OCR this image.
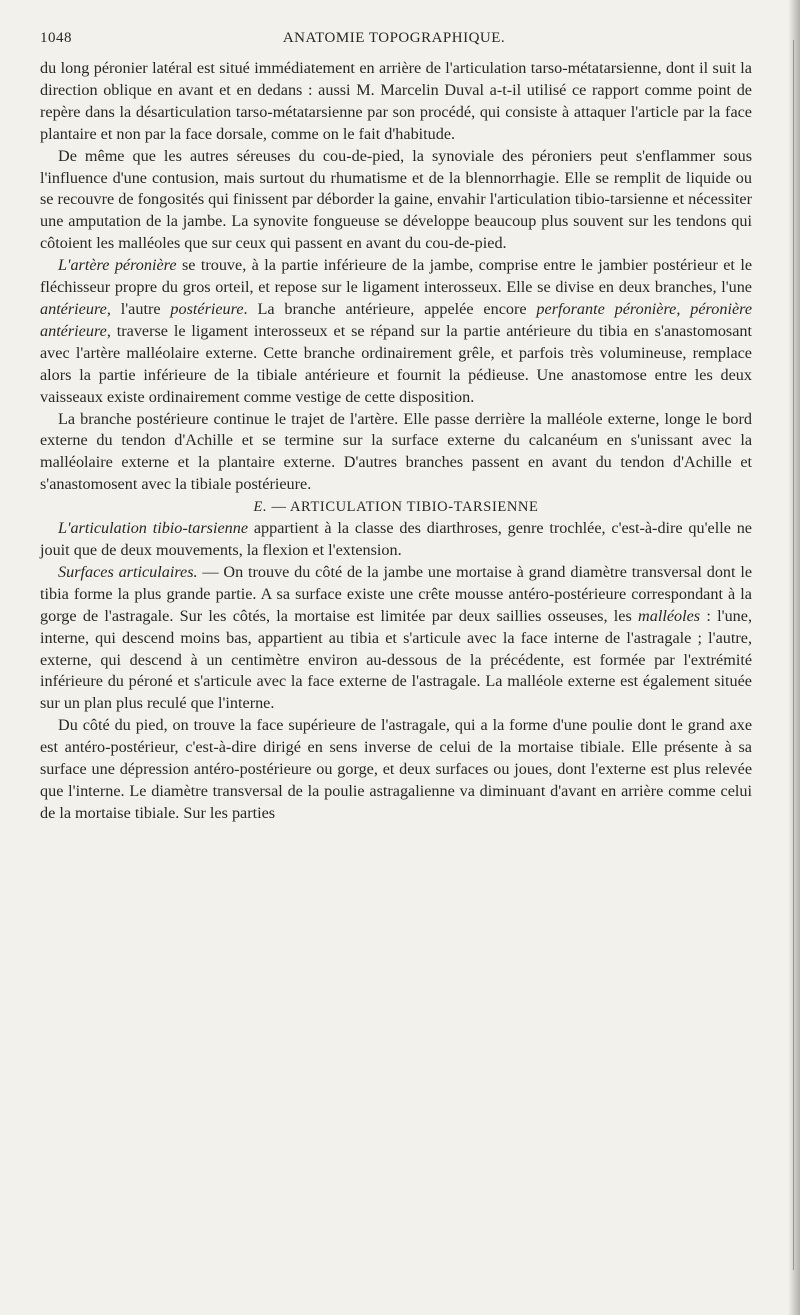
1048	ANATOMIE TOPOGRAPHIQUE.

du long péronier latéral est situé immédiatement en arrière de l'articulation tarso-métatarsienne, dont il suit la direction oblique en avant et en dedans : aussi M. Marcelin Duval a-t-il utilisé ce rapport comme point de repère dans la désarticulation tarso-métatarsienne par son procédé, qui consiste à attaquer l'article par la face plantaire et non par la face dorsale, comme on le fait d'habitude.

De même que les autres séreuses du cou-de-pied, la synoviale des péroniers peut s'enflammer sous l'influence d'une contusion, mais surtout du rhumatisme et de la blennorrhagie. Elle se remplit de liquide ou se recouvre de fongosités qui finissent par déborder la gaine, envahir l'articulation tibio-tarsienne et nécessiter une amputation de la jambe. La synovite fongueuse se développe beaucoup plus souvent sur les tendons qui côtoient les malléoles que sur ceux qui passent en avant du cou-de-pied.

L'artère péronière se trouve, à la partie inférieure de la jambe, comprise entre le jambier postérieur et le fléchisseur propre du gros orteil, et repose sur le ligament interosseux. Elle se divise en deux branches, l'une antérieure, l'autre postérieure. La branche antérieure, appelée encore perforante péronière, péronière antérieure, traverse le ligament interosseux et se répand sur la partie antérieure du tibia en s'anastomosant avec l'artère malléolaire externe. Cette branche ordinairement grêle, et parfois très volumineuse, remplace alors la partie inférieure de la tibiale antérieure et fournit la pédieuse. Une anastomose entre les deux vaisseaux existe ordinairement comme vestige de cette disposition.

La branche postérieure continue le trajet de l'artère. Elle passe derrière la malléole externe, longe le bord externe du tendon d'Achille et se termine sur la surface externe du calcanéum en s'unissant avec la malléolaire externe et la plantaire externe. D'autres branches passent en avant du tendon d'Achille et s'anastomosent avec la tibiale postérieure.

E. — ARTICULATION TIBIO-TARSIENNE

L'articulation tibio-tarsienne appartient à la classe des diarthroses, genre trochlée, c'est-à-dire qu'elle ne jouit que de deux mouvements, la flexion et l'extension.

Surfaces articulaires. — On trouve du côté de la jambe une mortaise à grand diamètre transversal dont le tibia forme la plus grande partie. A sa surface existe une crête mousse antéro-postérieure correspondant à la gorge de l'astragale. Sur les côtés, la mortaise est limitée par deux saillies osseuses, les malléoles : l'une, interne, qui descend moins bas, appartient au tibia et s'articule avec la face interne de l'astragale ; l'autre, externe, qui descend à un centimètre environ au-dessous de la précédente, est formée par l'extrémité inférieure du péroné et s'articule avec la face externe de l'astragale. La malléole externe est également située sur un plan plus reculé que l'interne.

Du côté du pied, on trouve la face supérieure de l'astragale, qui a la forme d'une poulie dont le grand axe est antéro-postérieur, c'est-à-dire dirigé en sens inverse de celui de la mortaise tibiale. Elle présente à sa surface une dépression antéro-postérieure ou gorge, et deux surfaces ou joues, dont l'externe est plus relevée que l'interne. Le diamètre transversal de la poulie astragalienne va diminuant d'avant en arrière comme celui de la mortaise tibiale. Sur les parties
